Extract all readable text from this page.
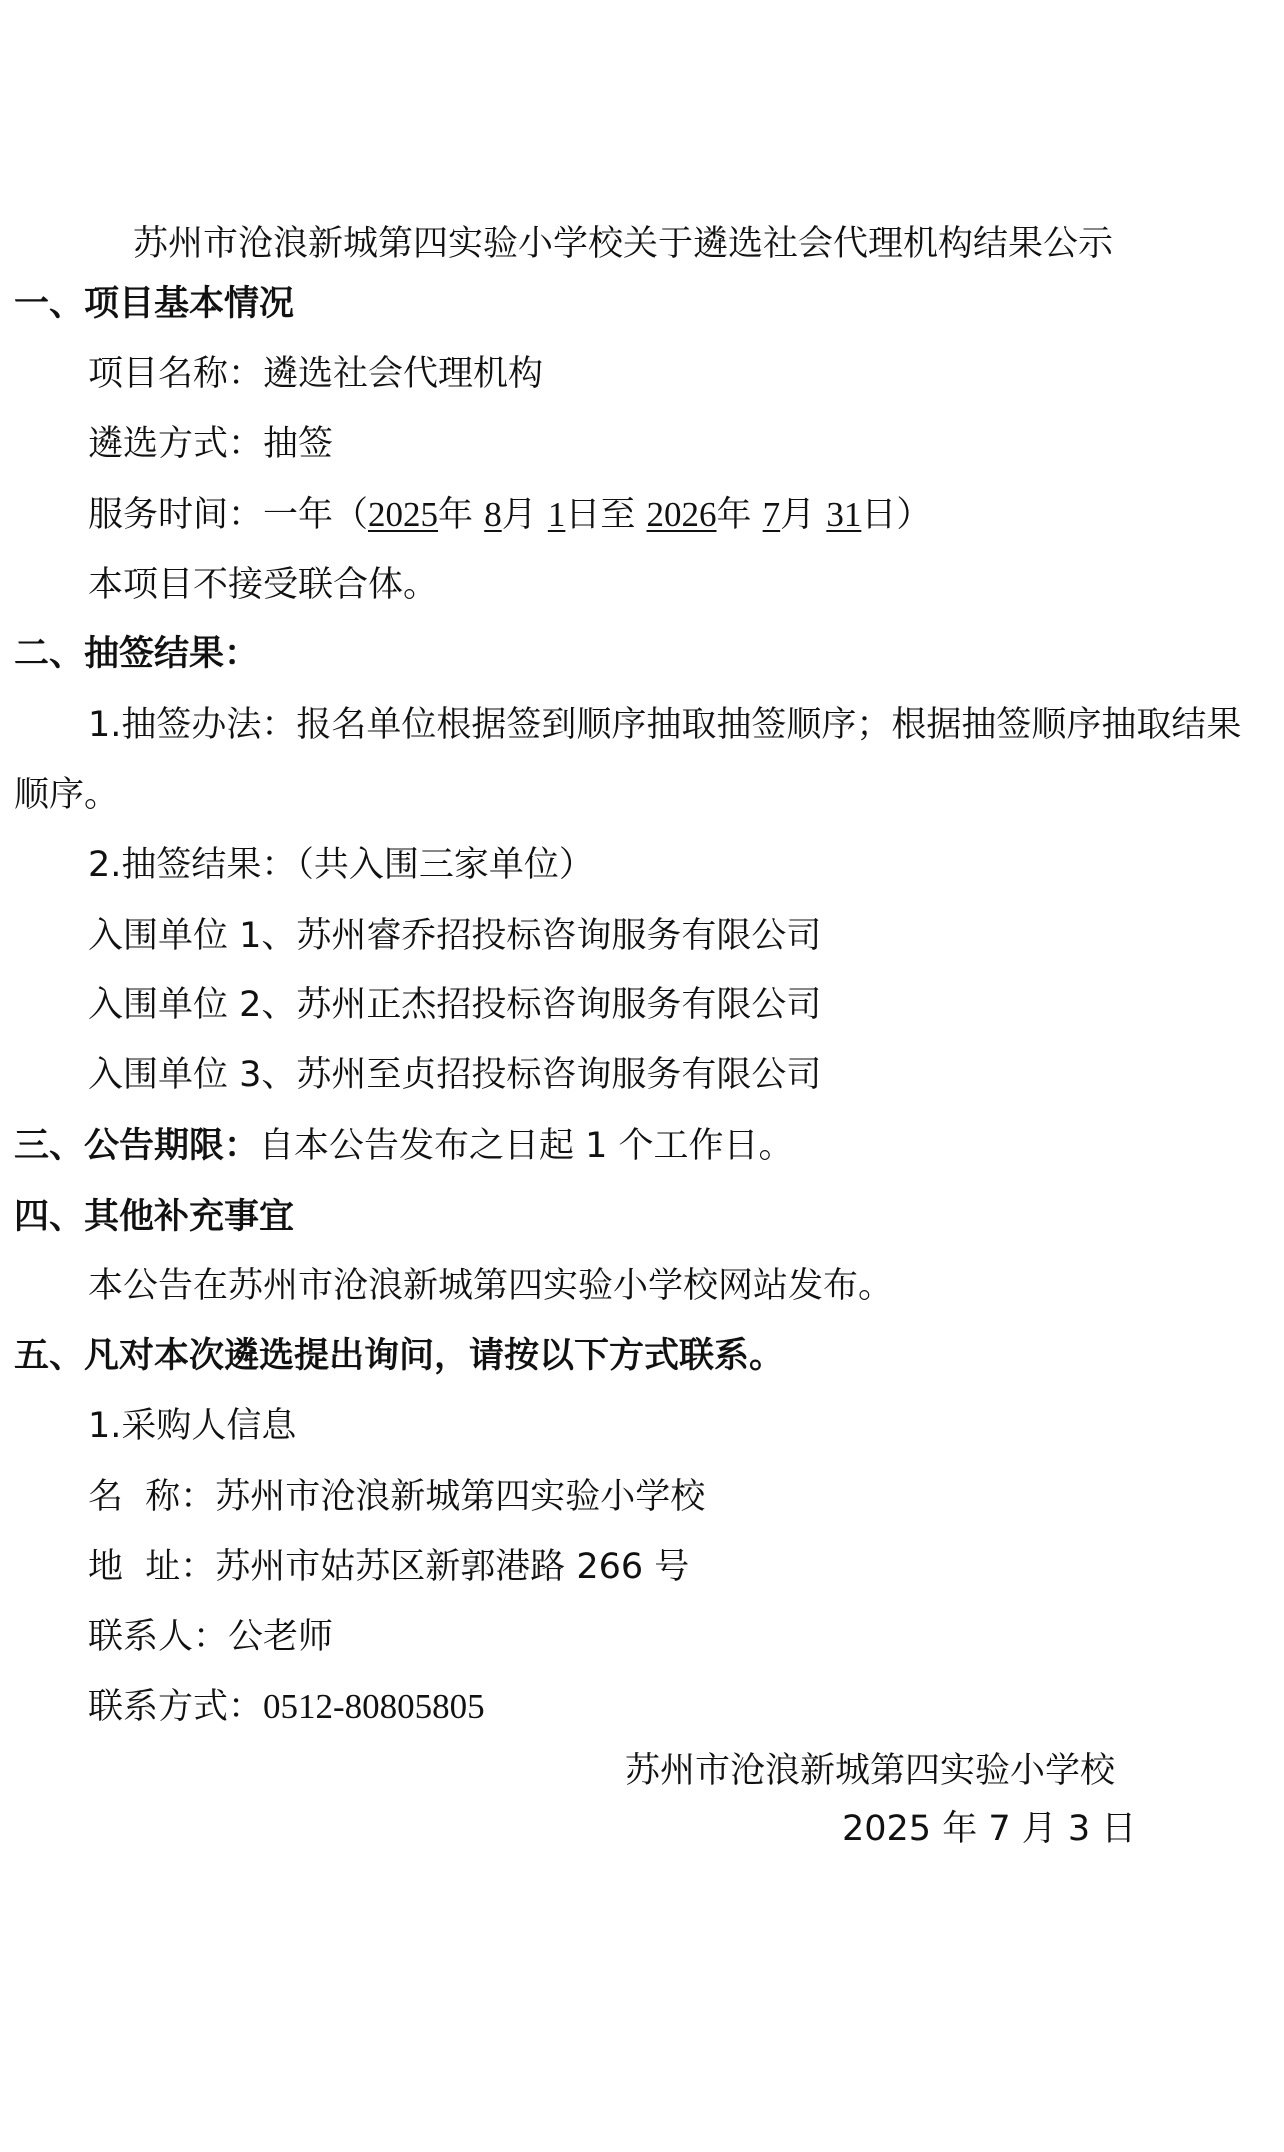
苏州市沧浪新城第四实验小学校关于遴选社会代理机构结果公示
一、项目基本情况
项目名称：遴选社会代理机构
遴选方式：抽签
服务时间：一年（2025年 8月 1日至 2026年 7月 31日）
本项目不接受联合体。
二、抽签结果：
1.抽签办法：报名单位根据签到顺序抽取抽签顺序；根据抽签顺序抽取结果
顺序。
2.抽签结果：（共入围三家单位）
入围单位 1、苏州睿乔招投标咨询服务有限公司
入围单位 2、苏州正杰招投标咨询服务有限公司
入围单位 3、苏州至贞招投标咨询服务有限公司
三、公告期限：自本公告发布之日起 1 个工作日。
四、其他补充事宜
本公告在苏州市沧浪新城第四实验小学校网站发布。
五、凡对本次遴选提出询问，请按以下方式联系。
1.采购人信息
名  称：苏州市沧浪新城第四实验小学校
地  址：苏州市姑苏区新郭港路 266 号
联系人：公老师
联系方式：0512-80805805
苏州市沧浪新城第四实验小学校
2025 年 7 月 3 日
